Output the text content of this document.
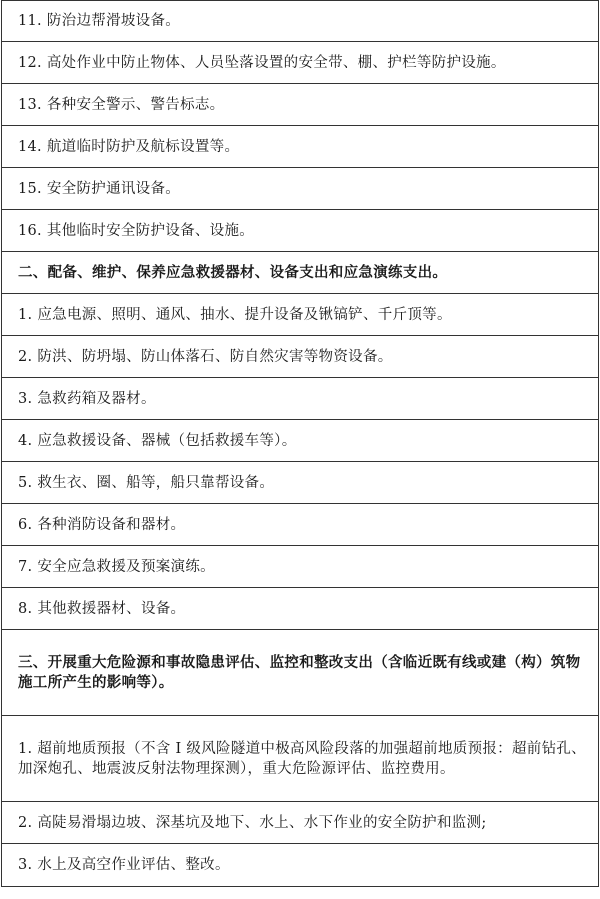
11. 防治边帮滑坡设备。
12. 高处作业中防止物体、人员坠落设置的安全带、棚、护栏等防护设施。
13. 各种安全警示、警告标志。
14. 航道临时防护及航标设置等。
15. 安全防护通讯设备。
16. 其他临时安全防护设备、设施。
二、配备、维护、保养应急救援器材、设备支出和应急演练支出。
1. 应急电源、照明、通风、抽水、提升设备及锹镐铲、千斤顶等。
2. 防洪、防坍塌、防山体落石、防自然灾害等物资设备。
3. 急救药箱及器材。
4. 应急救援设备、器械（包括救援车等）。
5. 救生衣、圈、船等，船只靠帮设备。
6. 各种消防设备和器材。
7. 安全应急救援及预案演练。
8. 其他救援器材、设备。
三、开展重大危险源和事故隐患评估、监控和整改支出（含临近既有线或建（构）筑物施工所产生的影响等）。
1. 超前地质预报（不含 I 级风险隧道中极高风险段落的加强超前地质预报：超前钻孔、加深炮孔、地震波反射法物理探测），重大危险源评估、监控费用。
2. 高陡易滑塌边坡、深基坑及地下、水上、水下作业的安全防护和监测;
3. 水上及高空作业评估、整改。
